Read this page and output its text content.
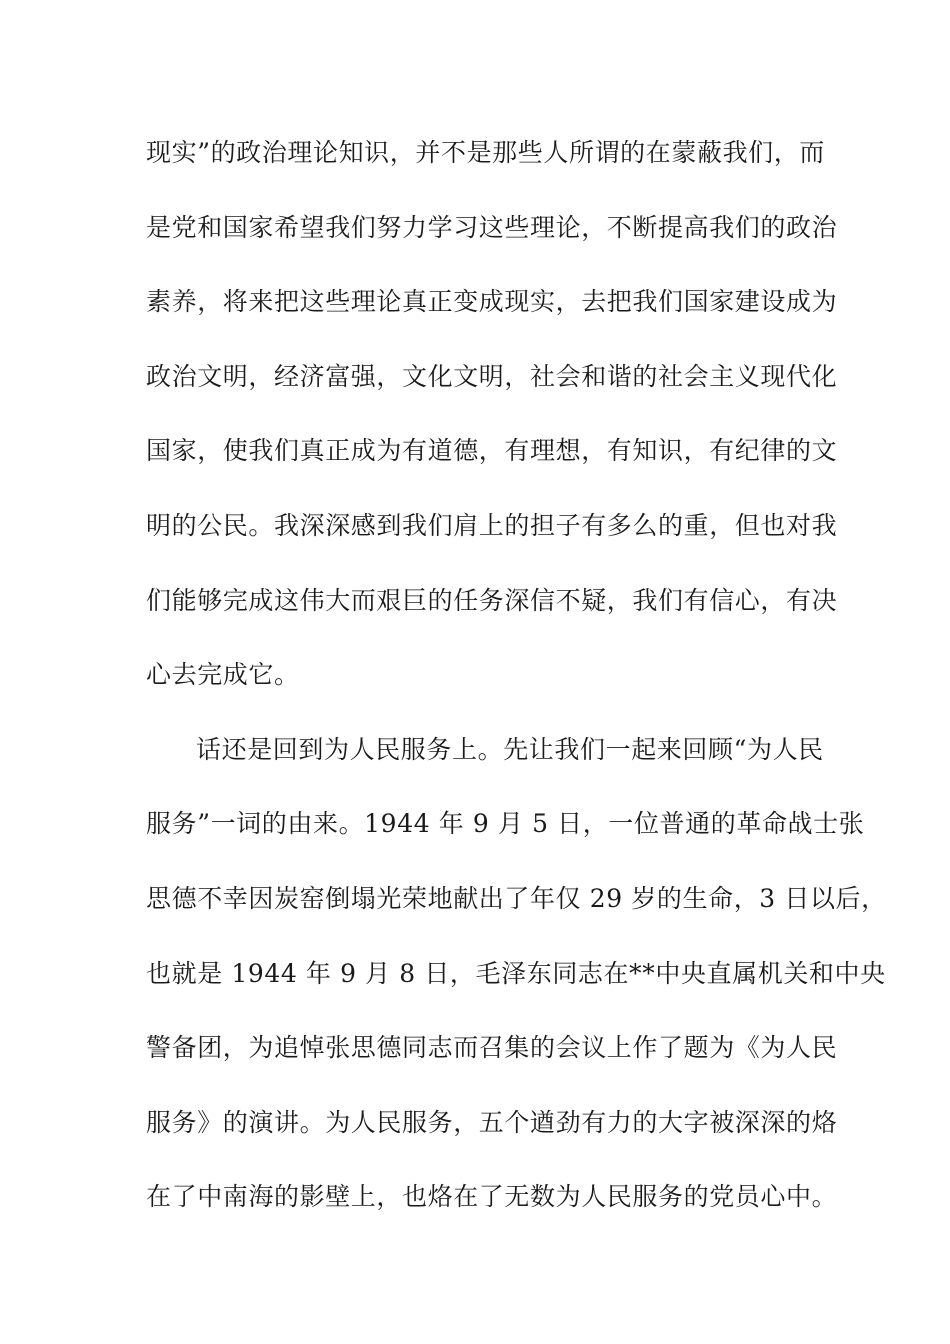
现实”的政治理论知识，并不是那些人所谓的在蒙蔽我们，而
是党和国家希望我们努力学习这些理论，不断提高我们的政治
素养，将来把这些理论真正变成现实，去把我们国家建设成为
政治文明，经济富强，文化文明，社会和谐的社会主义现代化
国家，使我们真正成为有道德，有理想，有知识，有纪律的文
明的公民。我深深感到我们肩上的担子有多么的重，但也对我
们能够完成这伟大而艰巨的任务深信不疑，我们有信心，有决
心去完成它。
话还是回到为人民服务上。先让我们一起来回顾“为人民
服务”一词的由来。1944 年 9 月 5 日，一位普通的革命战士张
思德不幸因炭窑倒塌光荣地献出了年仅 29 岁的生命，3 日以后，
也就是 1944 年 9 月 8 日，毛泽东同志在**中央直属机关和中央
警备团，为追悼张思德同志而召集的会议上作了题为《为人民
服务》的演讲。为人民服务，五个遒劲有力的大字被深深的烙
在了中南海的影壁上，也烙在了无数为人民服务的党员心中。
